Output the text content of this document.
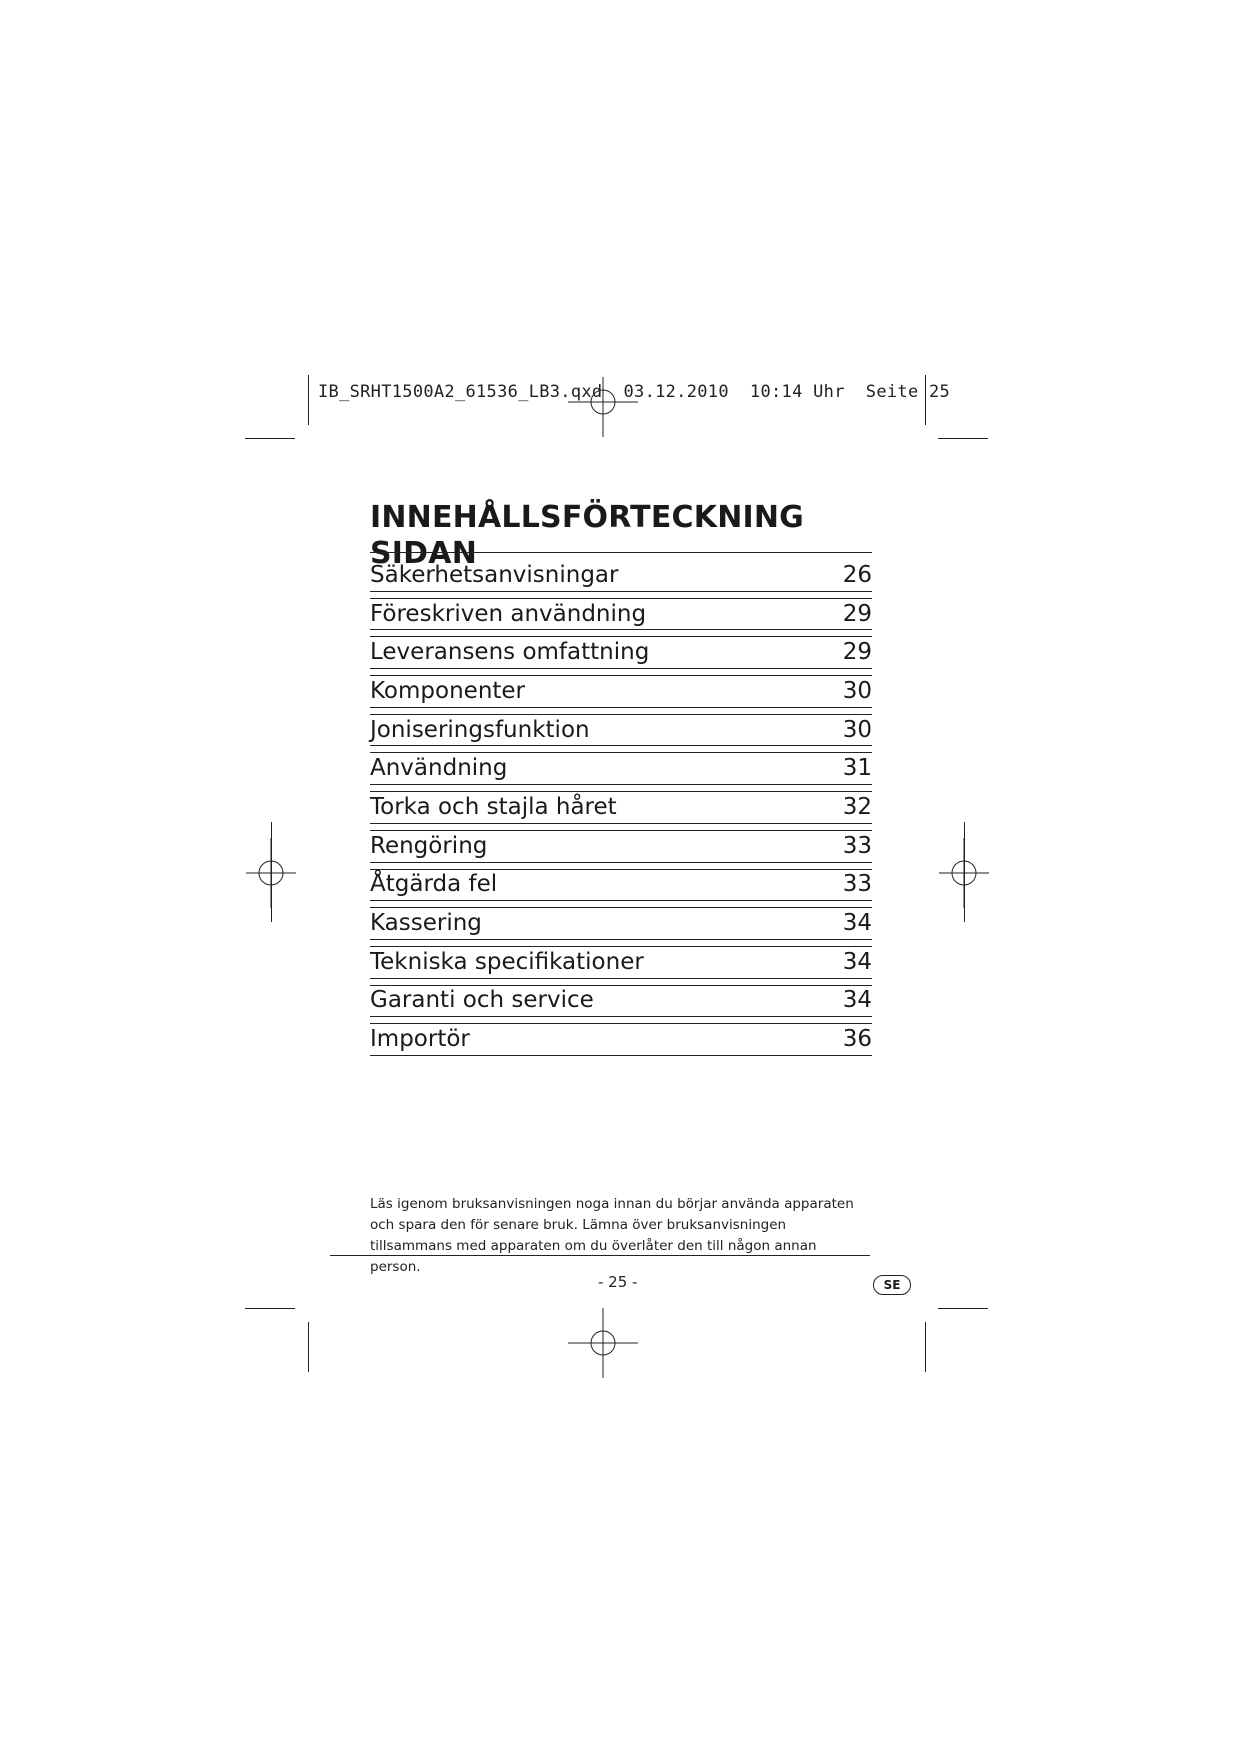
IB_SRHT1500A2_61536_LB3.qxd  03.12.2010  10:14 Uhr  Seite 25
INNEHÅLLSFÖRTECKNINGSIDAN
Säkerhetsanvisningar	26
Föreskriven användning	29
Leveransens omfattning	29
Komponenter	30
Joniseringsfunktion	30
Användning	31
Torka och stajla håret	32
Rengöring	33
Åtgärda fel	33
Kassering	34
Tekniska specifikationer	34
Garanti och service	34
Importör	36

Läs igenom bruksanvisningen noga innan du börjar använda apparaten och spara den för senare bruk. Lämna över bruksanvisningen tillsammans med apparaten om du överlåter den till någon annan person.

- 25 -	SE
